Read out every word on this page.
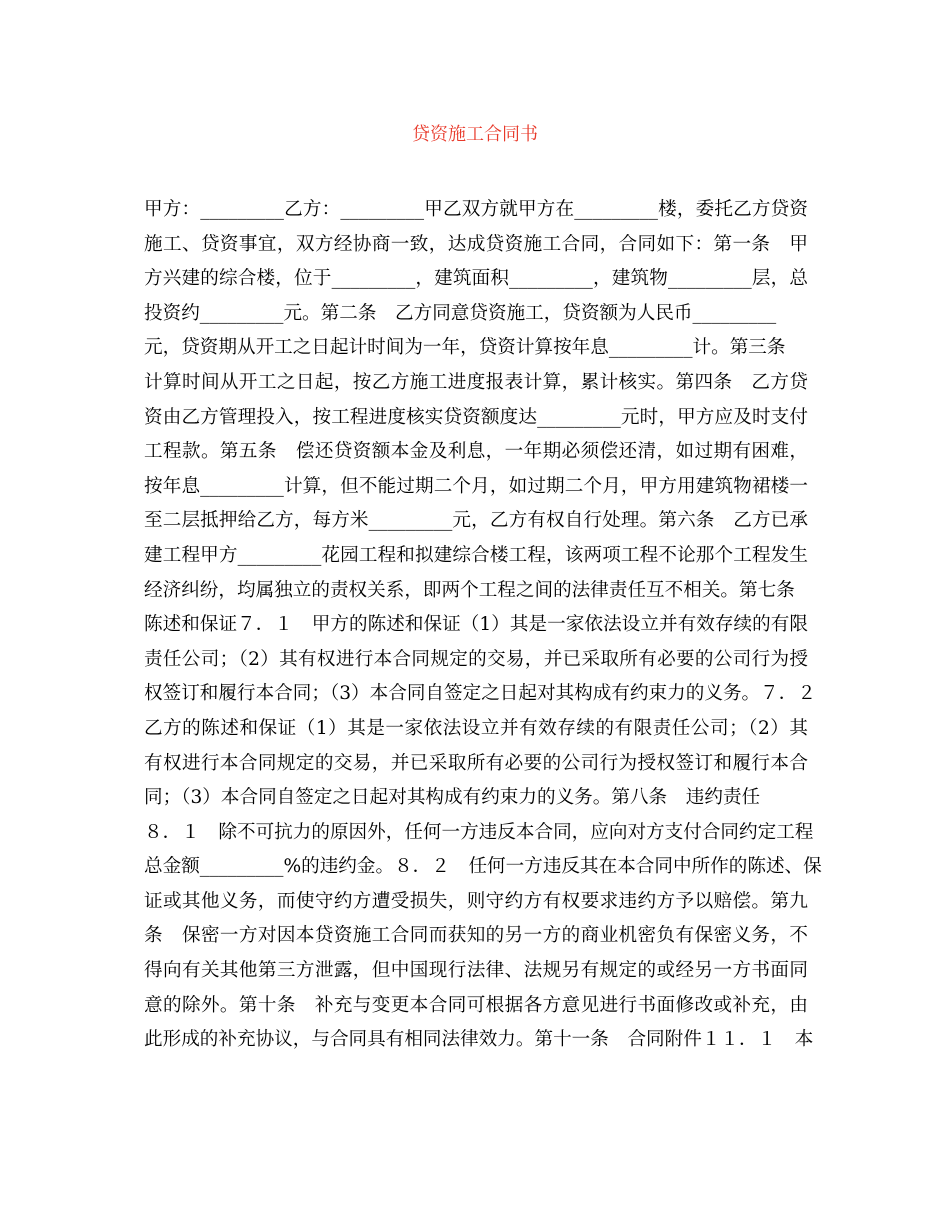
贷资施工合同书
甲方：_________乙方：_________甲乙双方就甲方在_________楼，委托乙方贷资
施工、贷资事宜，双方经协商一致，达成贷资施工合同，合同如下：第一条　甲
方兴建的综合楼，位于_________，建筑面积_________，建筑物_________层，总
投资约_________元。第二条　乙方同意贷资施工，贷资额为人民币_________
元，贷资期从开工之日起计时间为一年，贷资计算按年息_________计。第三条
计算时间从开工之日起，按乙方施工进度报表计算，累计核实。第四条　乙方贷
资由乙方管理投入，按工程进度核实贷资额度达_________元时，甲方应及时支付
工程款。第五条　偿还贷资额本金及利息，一年期必须偿还清，如过期有困难，
按年息_________计算，但不能过期二个月，如过期二个月，甲方用建筑物裙楼一
至二层抵押给乙方，每方米_________元，乙方有权自行处理。第六条　乙方已承
建工程甲方_________花园工程和拟建综合楼工程，该两项工程不论那个工程发生
经济纠纷，均属独立的责权关系，即两个工程之间的法律责任互不相关。第七条
陈述和保证７．１　甲方的陈述和保证（1）其是一家依法设立并有效存续的有限
责任公司；（2）其有权进行本合同规定的交易，并已采取所有必要的公司行为授
权签订和履行本合同；（3）本合同自签定之日起对其构成有约束力的义务。７．２
乙方的陈述和保证（1）其是一家依法设立并有效存续的有限责任公司；（2）其
有权进行本合同规定的交易，并已采取所有必要的公司行为授权签订和履行本合
同；（3）本合同自签定之日起对其构成有约束力的义务。第八条　违约责任
８．１　除不可抗力的原因外，任何一方违反本合同，应向对方支付合同约定工程
总金额_________%的违约金。８．２　任何一方违反其在本合同中所作的陈述、保
证或其他义务，而使守约方遭受损失，则守约方有权要求违约方予以赔偿。第九
条　保密一方对因本贷资施工合同而获知的另一方的商业机密负有保密义务，不
得向有关其他第三方泄露，但中国现行法律、法规另有规定的或经另一方书面同
意的除外。第十条　补充与变更本合同可根据各方意见进行书面修改或补充，由
此形成的补充协议，与合同具有相同法律效力。第十一条　合同附件１１．１　本
